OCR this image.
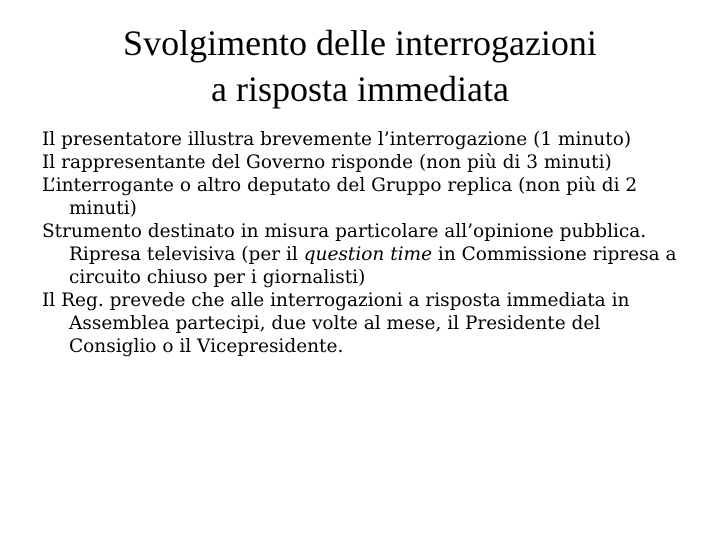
Svolgimento delle interrogazioni
a risposta immediata
Il presentatore illustra brevemente l’interrogazione (1 minuto)
Il rappresentante del Governo risponde (non più di 3 minuti)
L’interrogante o altro deputato del Gruppo replica (non più di 2 minuti)
Strumento destinato in misura particolare all’opinione pubblica. Ripresa televisiva (per il question time in Commissione ripresa a circuito chiuso per i giornalisti)
Il Reg. prevede che alle interrogazioni a risposta immediata in Assemblea partecipi, due volte al mese, il Presidente del Consiglio o il Vicepresidente.
